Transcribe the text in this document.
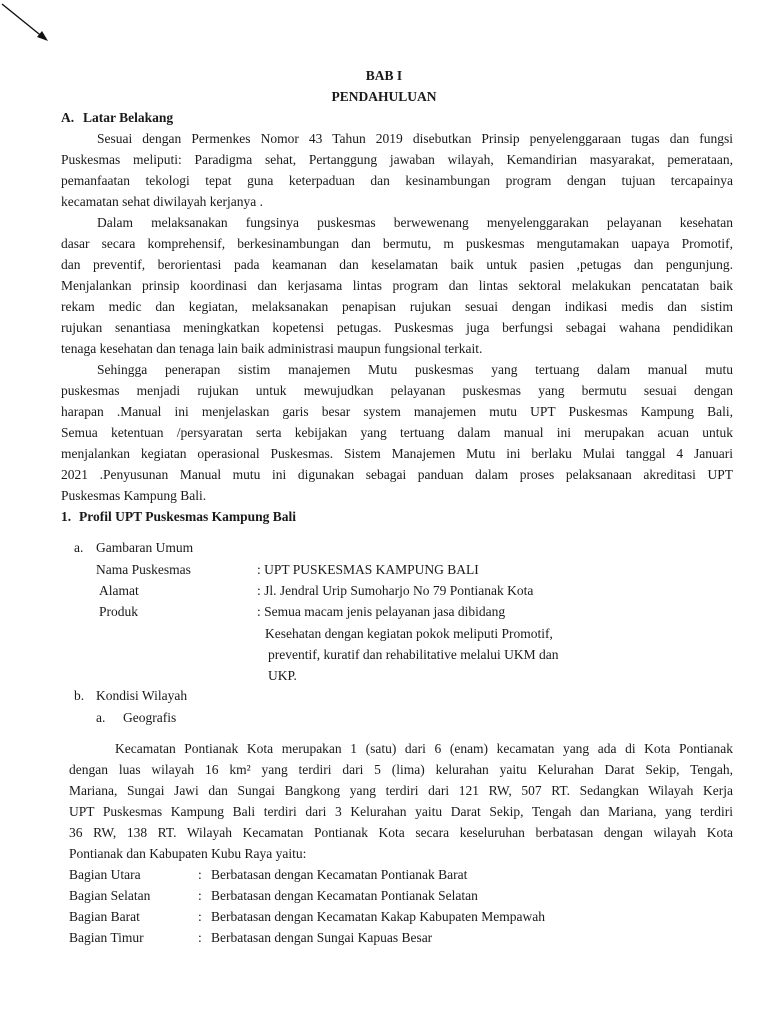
BAB I
PENDAHULUAN
A. Latar Belakang
Sesuai dengan Permenkes Nomor 43 Tahun 2019 disebutkan Prinsip penyelenggaraan tugas dan fungsi
Puskesmas meliputi: Paradigma sehat, Pertanggung jawaban wilayah, Kemandirian masyarakat, pemerataan,
pemanfaatan tekologi tepat guna keterpaduan dan kesinambungan program dengan tujuan tercapainya
kecamatan sehat diwilayah kerjanya .
Dalam melaksanakan fungsinya puskesmas berwewenang menyelenggarakan pelayanan kesehatan
dasar secara komprehensif, berkesinambungan dan bermutu, m puskesmas mengutamakan uapaya Promotif,
dan preventif, berorientasi pada keamanan dan keselamatan baik untuk pasien ,petugas dan pengunjung.
Menjalankan prinsip koordinasi dan kerjasama lintas program dan lintas sektoral melakukan pencatatan baik
rekam medic dan kegiatan, melaksanakan penapisan rujukan sesuai dengan indikasi medis dan sistim
rujukan senantiasa meningkatkan kopetensi petugas. Puskesmas juga berfungsi sebagai wahana pendidikan
tenaga kesehatan dan tenaga lain baik administrasi maupun fungsional terkait.
Sehingga penerapan sistim manajemen Mutu puskesmas yang tertuang dalam manual mutu
puskesmas menjadi rujukan untuk mewujudkan pelayanan puskesmas yang bermutu sesuai dengan
harapan .Manual ini menjelaskan garis besar system manajemen mutu UPT Puskesmas Kampung Bali,
Semua ketentuan /persyaratan serta kebijakan yang tertuang dalam manual ini merupakan acuan untuk
menjalankan kegiatan operasional Puskesmas. Sistem Manajemen Mutu ini berlaku Mulai tanggal 4 Januari
2021 .Penyusunan Manual mutu ini digunakan sebagai panduan dalam proses pelaksanaan akreditasi UPT
Puskesmas Kampung Bali.
1. Profil UPT Puskesmas Kampung Bali
a. Gambaran Umum
Nama Puskesmas	: UPT PUSKESMAS KAMPUNG BALI
Alamat	: Jl. Jendral Urip Sumoharjo No 79 Pontianak Kota
Produk	: Semua macam jenis pelayanan jasa dibidang
Kesehatan dengan kegiatan pokok meliputi Promotif,
preventif, kuratif dan rehabilitative melalui UKM dan
UKP.
b. Kondisi Wilayah
a. Geografis
Kecamatan Pontianak Kota merupakan 1 (satu) dari 6 (enam) kecamatan yang ada di Kota Pontianak
dengan luas wilayah 16 km² yang terdiri dari 5 (lima) kelurahan yaitu Kelurahan Darat Sekip, Tengah,
Mariana, Sungai Jawi dan Sungai Bangkong yang terdiri dari 121 RW, 507 RT. Sedangkan Wilayah Kerja
UPT Puskesmas Kampung Bali terdiri dari 3 Kelurahan yaitu Darat Sekip, Tengah dan Mariana, yang terdiri
36 RW, 138 RT. Wilayah Kecamatan Pontianak Kota secara keseluruhan berbatasan dengan wilayah Kota
Pontianak dan Kabupaten Kubu Raya yaitu:
Bagian Utara	: Berbatasan dengan Kecamatan Pontianak Barat
Bagian Selatan	: Berbatasan dengan Kecamatan Pontianak Selatan
Bagian Barat	: Berbatasan dengan Kecamatan Kakap Kabupaten Mempawah
Bagian Timur	: Berbatasan dengan Sungai Kapuas Besar
